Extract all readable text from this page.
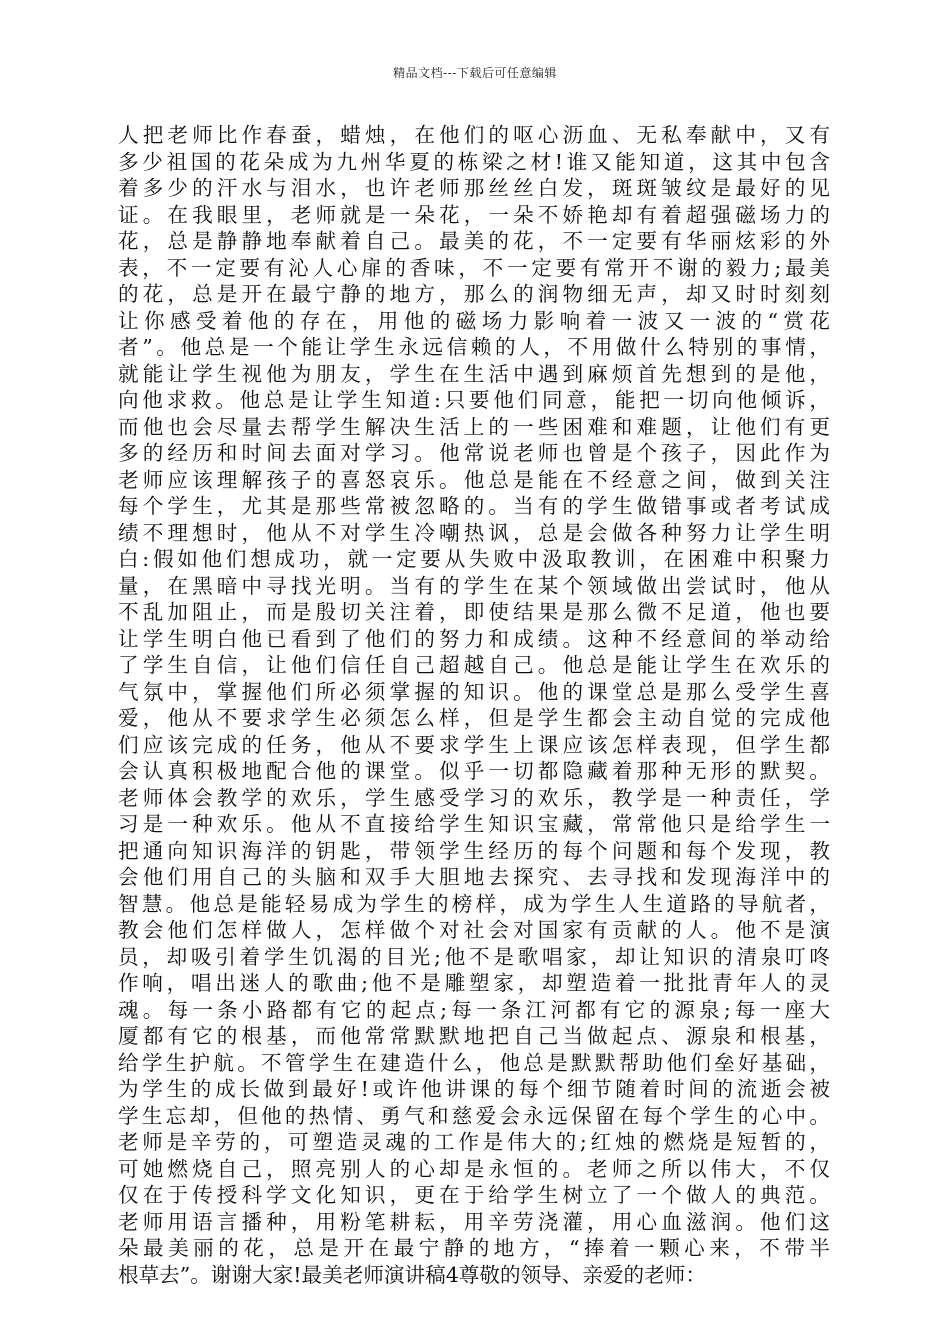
精品文档---下载后可任意编辑
人把老师比作春蚕，蜡烛，在他们的呕心沥血、无私奉献中，又有
多少祖国的花朵成为九州华夏的栋梁之材!谁又能知道，这其中包含
着多少的汗水与泪水，也许老师那丝丝白发，斑斑皱纹是最好的见
证。在我眼里，老师就是一朵花，一朵不娇艳却有着超强磁场力的
花，总是静静地奉献着自己。最美的花，不一定要有华丽炫彩的外
表，不一定要有沁人心扉的香味，不一定要有常开不谢的毅力;最美
的花，总是开在最宁静的地方，那么的润物细无声，却又时时刻刻
让你感受着他的存在，用他的磁场力影响着一波又一波的“赏花
者”。他总是一个能让学生永远信赖的人，不用做什么特别的事情，
就能让学生视他为朋友，学生在生活中遇到麻烦首先想到的是他，
向他求救。他总是让学生知道:只要他们同意，能把一切向他倾诉，
而他也会尽量去帮学生解决生活上的一些困难和难题，让他们有更
多的经历和时间去面对学习。他常说老师也曾是个孩子，因此作为
老师应该理解孩子的喜怒哀乐。他总是能在不经意之间，做到关注
每个学生，尤其是那些常被忽略的。当有的学生做错事或者考试成
绩不理想时，他从不对学生冷嘲热讽，总是会做各种努力让学生明
白:假如他们想成功，就一定要从失败中汲取教训，在困难中积聚力
量，在黑暗中寻找光明。当有的学生在某个领域做出尝试时，他从
不乱加阻止，而是殷切关注着，即使结果是那么微不足道，他也要
让学生明白他已看到了他们的努力和成绩。这种不经意间的举动给
了学生自信，让他们信任自己超越自己。他总是能让学生在欢乐的
气氛中，掌握他们所必须掌握的知识。他的课堂总是那么受学生喜
爱，他从不要求学生必须怎么样，但是学生都会主动自觉的完成他
们应该完成的任务，他从不要求学生上课应该怎样表现，但学生都
会认真积极地配合他的课堂。似乎一切都隐藏着那种无形的默契。
老师体会教学的欢乐，学生感受学习的欢乐，教学是一种责任，学
习是一种欢乐。他从不直接给学生知识宝藏，常常他只是给学生一
把通向知识海洋的钥匙，带领学生经历的每个问题和每个发现，教
会他们用自己的头脑和双手大胆地去探究、去寻找和发现海洋中的
智慧。他总是能轻易成为学生的榜样，成为学生人生道路的导航者，
教会他们怎样做人，怎样做个对社会对国家有贡献的人。他不是演
员，却吸引着学生饥渴的目光;他不是歌唱家，却让知识的清泉叮咚
作响，唱出迷人的歌曲;他不是雕塑家，却塑造着一批批青年人的灵
魂。每一条小路都有它的起点;每一条江河都有它的源泉;每一座大
厦都有它的根基，而他常常默默地把自己当做起点、源泉和根基，
给学生护航。不管学生在建造什么，他总是默默帮助他们垒好基础，
为学生的成长做到最好!或许他讲课的每个细节随着时间的流逝会被
学生忘却，但他的热情、勇气和慈爱会永远保留在每个学生的心中。
老师是辛劳的，可塑造灵魂的工作是伟大的;红烛的燃烧是短暂的，
可她燃烧自己，照亮别人的心却是永恒的。老师之所以伟大，不仅
仅在于传授科学文化知识，更在于给学生树立了一个做人的典范。
老师用语言播种，用粉笔耕耘，用辛劳浇灌，用心血滋润。他们这
朵最美丽的花，总是开在最宁静的地方，“捧着一颗心来，不带半
根草去”。谢谢大家!最美老师演讲稿4尊敬的领导、亲爱的老师：
